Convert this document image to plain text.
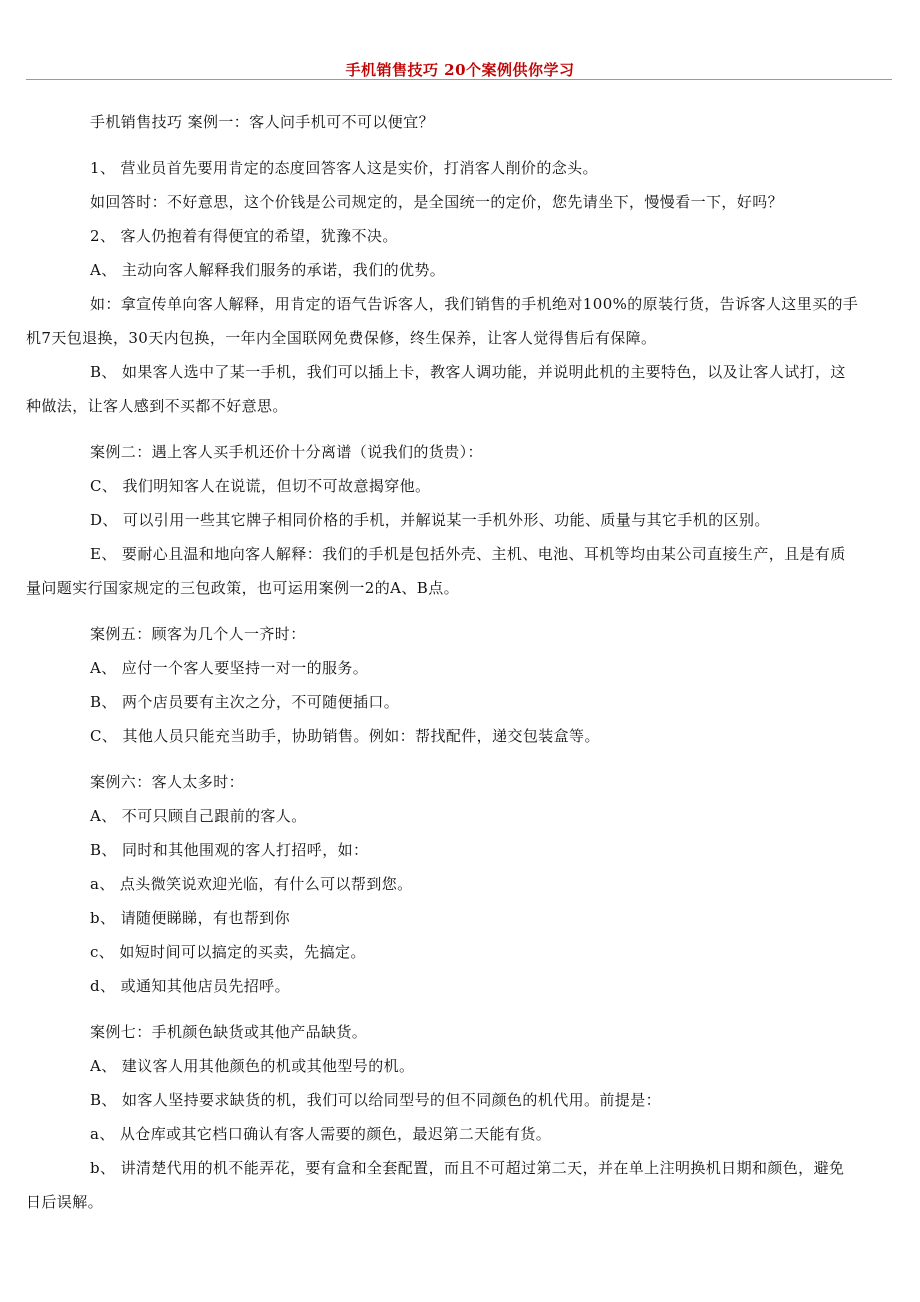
手机销售技巧 20个案例供你学习
手机销售技巧 案例一：客人问手机可不可以便宜？
1、 营业员首先要用肯定的态度回答客人这是实价，打消客人削价的念头。
如回答时：不好意思，这个价钱是公司规定的，是全国统一的定价，您先请坐下，慢慢看一下，好吗？
2、 客人仍抱着有得便宜的希望，犹豫不决。
A、 主动向客人解释我们服务的承诺，我们的优势。
如：拿宣传单向客人解释，用肯定的语气告诉客人，我们销售的手机绝对100%的原装行货，告诉客人这里买的手
机7天包退换，30天内包换，一年内全国联网免费保修，终生保养，让客人觉得售后有保障。
B、 如果客人选中了某一手机，我们可以插上卡，教客人调功能，并说明此机的主要特色，以及让客人试打，这
种做法，让客人感到不买都不好意思。
案例二：遇上客人买手机还价十分离谱（说我们的货贵）：
C、 我们明知客人在说谎，但切不可故意揭穿他。
D、 可以引用一些其它牌子相同价格的手机，并解说某一手机外形、功能、质量与其它手机的区别。
E、 要耐心且温和地向客人解释：我们的手机是包括外壳、主机、电池、耳机等均由某公司直接生产，且是有质
量问题实行国家规定的三包政策，也可运用案例一2的A、B点。
案例五：顾客为几个人一齐时：
A、 应付一个客人要坚持一对一的服务。
B、 两个店员要有主次之分，不可随便插口。
C、 其他人员只能充当助手，协助销售。例如：帮找配件，递交包装盒等。
案例六：客人太多时：
A、 不可只顾自己跟前的客人。
B、 同时和其他围观的客人打招呼，如：
a、 点头微笑说欢迎光临，有什么可以帮到您。
b、 请随便睇睇，有也帮到你
c、 如短时间可以搞定的买卖，先搞定。
d、 或通知其他店员先招呼。
案例七：手机颜色缺货或其他产品缺货。
A、 建议客人用其他颜色的机或其他型号的机。
B、 如客人坚持要求缺货的机，我们可以给同型号的但不同颜色的机代用。前提是：
a、 从仓库或其它档口确认有客人需要的颜色，最迟第二天能有货。
b、 讲清楚代用的机不能弄花，要有盒和全套配置，而且不可超过第二天，并在单上注明换机日期和颜色，避免
日后误解。
